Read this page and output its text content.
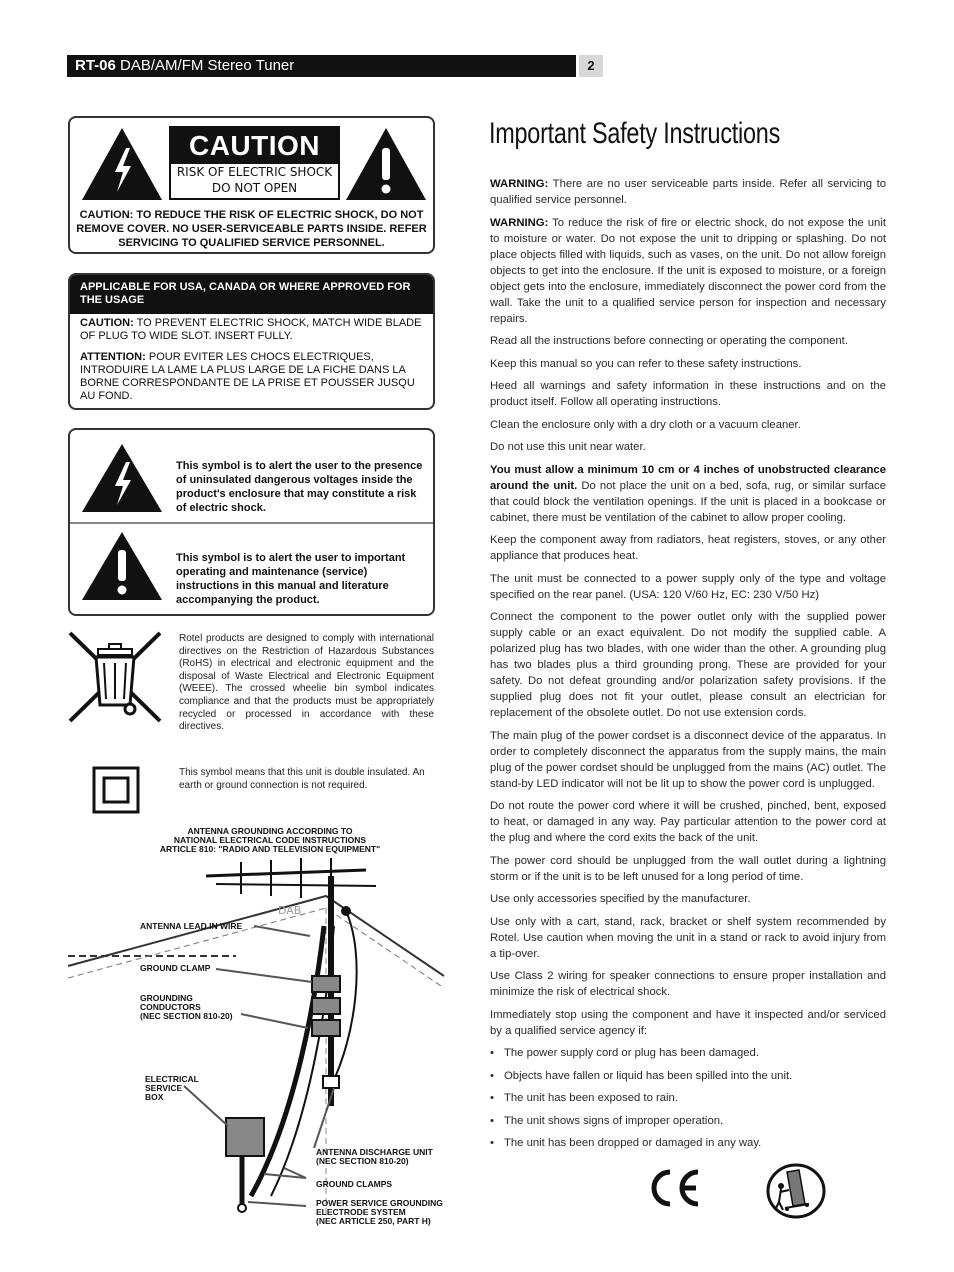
RT-06 DAB/AM/FM Stereo Tuner	2
CAUTION
RISK OF ELECTRIC SHOCK
DO NOT OPEN
CAUTION: TO REDUCE THE RISK OF ELECTRIC SHOCK, DO NOT REMOVE COVER. NO USER-SERVICEABLE PARTS INSIDE. REFER SERVICING TO QUALIFIED SERVICE PERSONNEL.
APPLICABLE FOR USA, CANADA OR WHERE APPROVED FOR THE USAGE
CAUTION: TO PREVENT ELECTRIC SHOCK, MATCH WIDE BLADE OF PLUG TO WIDE SLOT. INSERT FULLY.
ATTENTION: POUR EVITER LES CHOCS ELECTRIQUES, INTRODUIRE LA LAME LA PLUS LARGE DE LA FICHE DANS LA BORNE CORRESPONDANTE DE LA PRISE ET POUSSER JUSQU AU FOND.
This symbol is to alert the user to the presence of uninsulated dangerous voltages inside the product's enclosure that may constitute a risk of electric shock.
This symbol is to alert the user to important operating and maintenance (service) instructions in this manual and literature accompanying the product.
Rotel products are designed to comply with international directives on the Restriction of Hazardous Substances (RoHS) in electrical and electronic equipment and the disposal of Waste Electrical and Electronic Equipment (WEEE). The crossed wheelie bin symbol indicates compliance and that the products must be appropriately recycled or processed in accordance with these directives.
This symbol means that this unit is double insulated. An earth or ground connection is not required.
ANTENNA GROUNDING ACCORDING TO
NATIONAL ELECTRICAL CODE INSTRUCTIONS
ARTICLE 810: "RADIO AND TELEVISION EQUIPMENT"
DAB
ANTENNA LEAD IN WIRE
GROUND CLAMP
GROUNDING
CONDUCTORS
(NEC SECTION 810-20)
ELECTRICAL
SERVICE
BOX
ANTENNA DISCHARGE UNIT
(NEC SECTION 810-20)
GROUND CLAMPS
POWER SERVICE GROUNDING
ELECTRODE SYSTEM
(NEC ARTICLE 250, PART H)
Important Safety Instructions

WARNING: There are no user serviceable parts inside. Refer all servicing to qualified service personnel.

WARNING: To reduce the risk of fire or electric shock, do not expose the unit to moisture or water. Do not expose the unit to dripping or splashing. Do not place objects filled with liquids, such as vases, on the unit. Do not allow foreign objects to get into the enclosure. If the unit is exposed to moisture, or a foreign object gets into the enclosure, immediately disconnect the power cord from the wall. Take the unit to a qualified service person for inspection and necessary repairs.

Read all the instructions before connecting or operating the component.

Keep this manual so you can refer to these safety instructions.

Heed all warnings and safety information in these instructions and on the product itself. Follow all operating instructions.

Clean the enclosure only with a dry cloth or a vacuum cleaner.

Do not use this unit near water.

You must allow a minimum 10 cm or 4 inches of unobstructed clearance around the unit. Do not place the unit on a bed, sofa, rug, or similar surface that could block the ventilation openings. If the unit is placed in a bookcase or cabinet, there must be ventilation of the cabinet to allow proper cooling.

Keep the component away from radiators, heat registers, stoves, or any other appliance that produces heat.

The unit must be connected to a power supply only of the type and voltage specified on the rear panel. (USA: 120 V/60 Hz, EC: 230 V/50 Hz)

Connect the component to the power outlet only with the supplied power supply cable or an exact equivalent. Do not modify the supplied cable. A polarized plug has two blades, with one wider than the other. A grounding plug has two blades plus a third grounding prong. These are provided for your safety. Do not defeat grounding and/or polarization safety provisions. If the supplied plug does not fit your outlet, please consult an electrician for replacement of the obsolete outlet. Do not use extension cords.

The main plug of the power cordset is a disconnect device of the apparatus. In order to completely disconnect the apparatus from the supply mains, the main plug of the power cordset should be unplugged from the mains (AC) outlet. The stand-by LED indicator will not be lit up to show the power cord is unplugged.

Do not route the power cord where it will be crushed, pinched, bent, exposed to heat, or damaged in any way. Pay particular attention to the power cord at the plug and where the cord exits the back of the unit.

The power cord should be unplugged from the wall outlet during a lightning storm or if the unit is to be left unused for a long period of time.

Use only accessories specified by the manufacturer.

Use only with a cart, stand, rack, bracket or shelf system recommended by Rotel. Use caution when moving the unit in a stand or rack to avoid injury from a tip-over.

Use Class 2 wiring for speaker connections to ensure proper installation and minimize the risk of electrical shock.

Immediately stop using the component and have it inspected and/or serviced by a qualified service agency if:

• The power supply cord or plug has been damaged.
• Objects have fallen or liquid has been spilled into the unit.
• The unit has been exposed to rain.
• The unit shows signs of improper operation.
• The unit has been dropped or damaged in any way.
